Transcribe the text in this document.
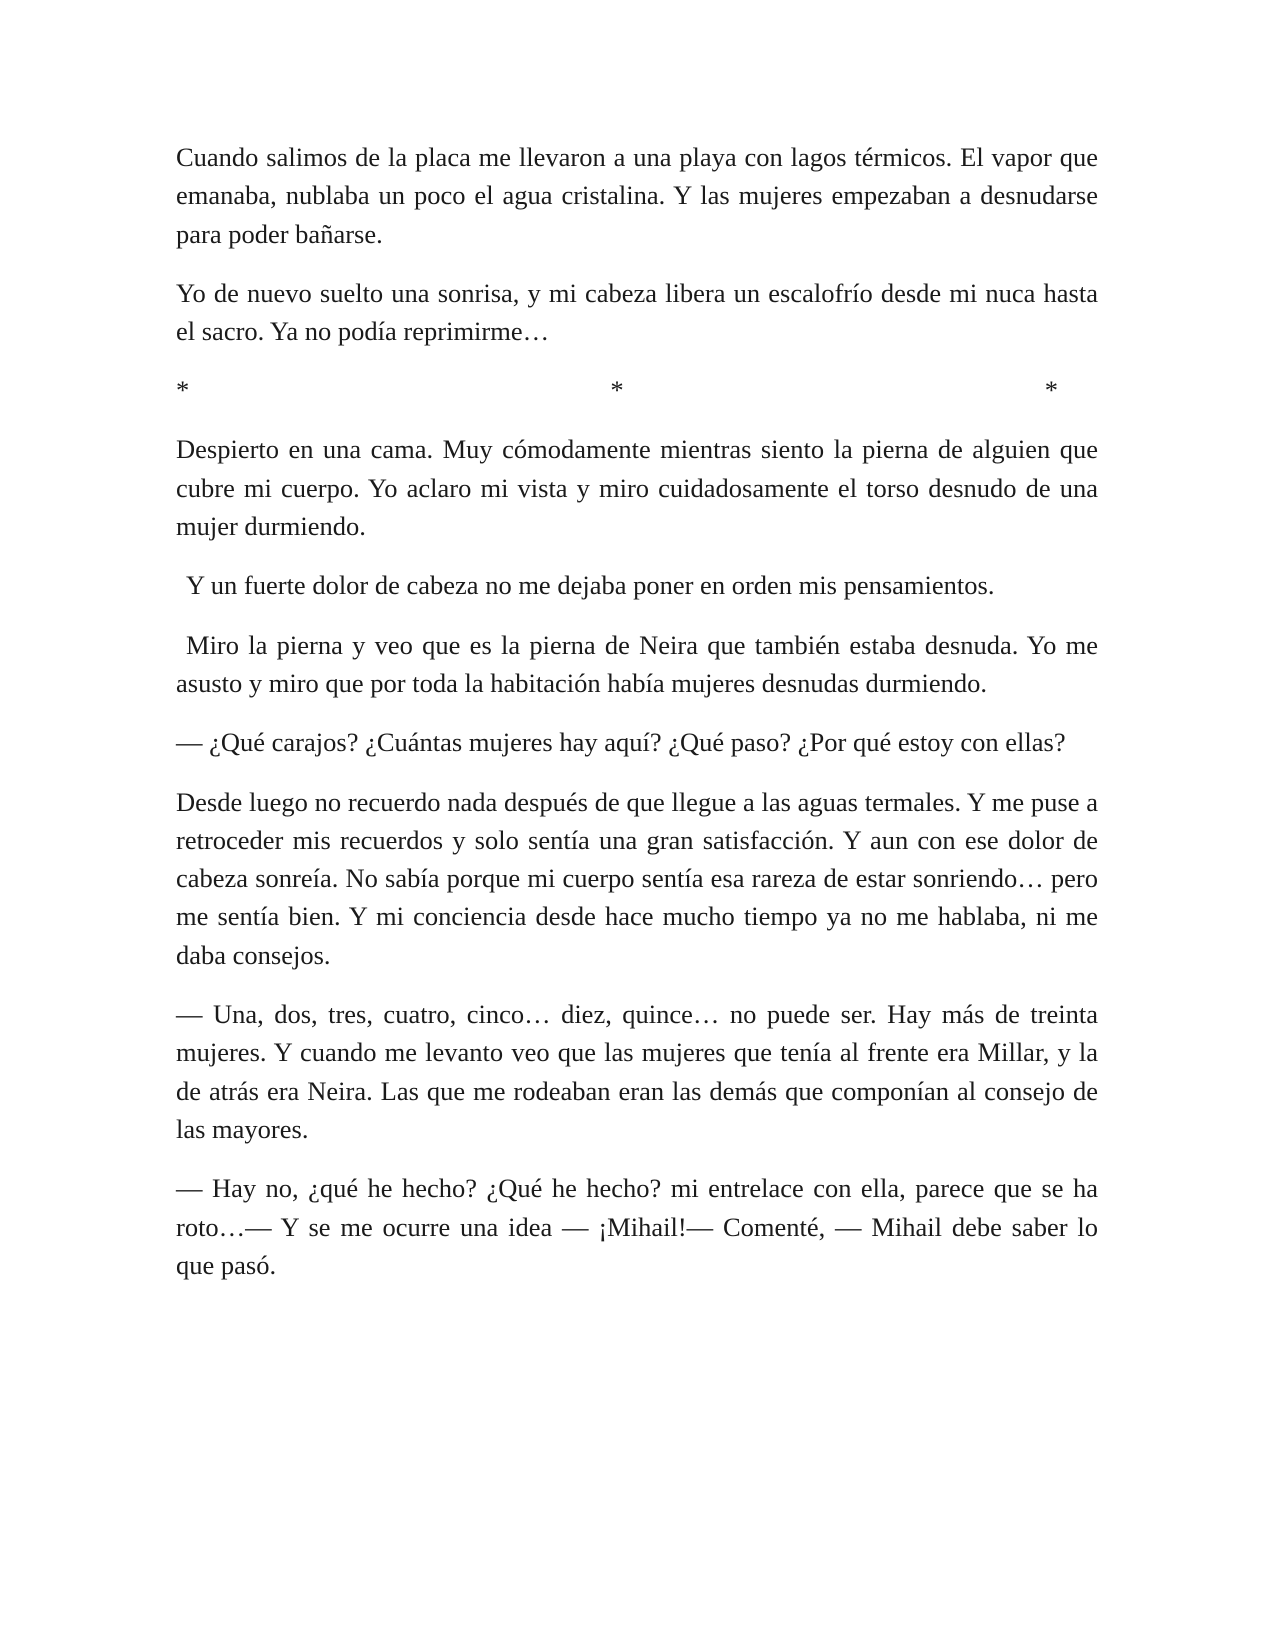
Cuando salimos de la placa me llevaron a una playa con lagos térmicos. El vapor que emanaba, nublaba un poco el agua cristalina. Y las mujeres empezaban a desnudarse para poder bañarse.

Yo de nuevo suelto una sonrisa, y mi cabeza libera un escalofrío desde mi nuca hasta el sacro. Ya no podía reprimirme…

*	*	*

Despierto en una cama. Muy cómodamente mientras siento la pierna de alguien que cubre mi cuerpo. Yo aclaro mi vista y miro cuidadosamente el torso desnudo de una mujer durmiendo.

Y un fuerte dolor de cabeza no me dejaba poner en orden mis pensamientos.

Miro la pierna y veo que es la pierna de Neira que también estaba desnuda. Yo me asusto y miro que por toda la habitación había mujeres desnudas durmiendo.

— ¿Qué carajos? ¿Cuántas mujeres hay aquí? ¿Qué paso? ¿Por qué estoy con ellas?

Desde luego no recuerdo nada después de que llegue a las aguas termales. Y me puse a retroceder mis recuerdos y solo sentía una gran satisfacción. Y aun con ese dolor de cabeza sonreía. No sabía porque mi cuerpo sentía esa rareza de estar sonriendo… pero me sentía bien. Y mi conciencia desde hace mucho tiempo ya no me hablaba, ni me daba consejos.

— Una, dos, tres, cuatro, cinco… diez, quince… no puede ser. Hay más de treinta mujeres. Y cuando me levanto veo que las mujeres que tenía al frente era Millar, y la de atrás era Neira. Las que me rodeaban eran las demás que componían al consejo de las mayores.

— Hay no, ¿qué he hecho? ¿Qué he hecho? mi entrelace con ella, parece que se ha roto…— Y se me ocurre una idea — ¡Mihail!— Comenté, — Mihail debe saber lo que pasó.
